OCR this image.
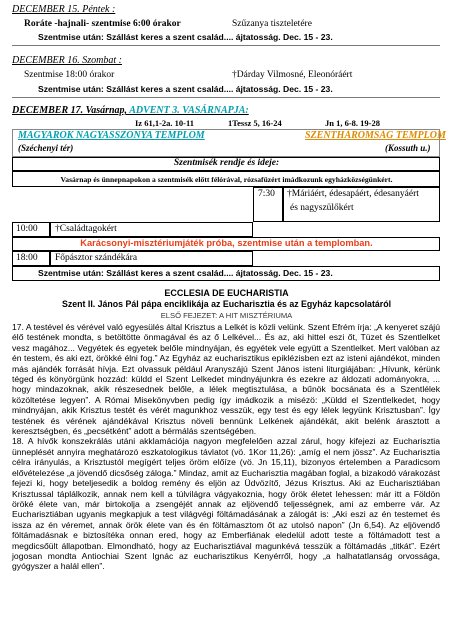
DECEMBER 15. Péntek :
Roráte -hajnali- szentmise 6:00 órakor	Szűzanya tiszteletére
Szentmise után: Szállást keres a szent család.... ájtatosság. Dec. 15 - 23.
DECEMBER 16. Szombat :
Szentmise 18:00 órakor	†Dárday Vilmosné, Eleonóráért
Szentmise után: Szállást keres a szent család.... ájtatosság. Dec. 15 - 23.
DECEMBER 17. Vasárnap, ADVENT 3. VASÁRNAPJA:
Iz 61,1-2a. 10-11	1Tessz 5, 16-24	Jn 1, 6-8. 19-28
MAGYAROK NAGYASSZONYA TEMPLOM
(Széchenyi tér)
SZENTHÁROMSÁG TEMPLOM
(Kossuth u.)
Szentmisék rendje és ideje:
Vasárnap és ünnepnapokon a szentmisék előtt félórával, rózsafüzért imádkozunk egyházközségünkért.
7:30 †Máriáért, édesapáért, édesanyáért
és nagyszülőkért
10:00 †Családtagokért
Karácsonyi-misztériumjáték próba, szentmise után a templomban.
18:00 Főpásztor szándékára
Szentmise után: Szállást keres a szent család.... ájtatosság. Dec. 15 - 23.
ECCLESIA DE EUCHARISTIA
Szent II. János Pál pápa enciklikája az Eucharisztia és az Egyház kapcsolatáról
ELSŐ FEJEZET: A HIT MISZTÉRIUMA

17. A testével és vérével való egyesülés által Krisztus a Lelkét is közli velünk. Szent Efrém írja: „A kenyeret szájú élő testének mondta, s betöltötte önmagával és az ő Lelkével... És az, aki hittel eszi őt, Tüzet és Szentlelket vesz magához... Vegyétek és egyetek belőle mindnyájan, és egyétek vele együtt a Szentlelket. Mert valóban az én testem, és aki ezt, örökké élni fog.” Az Egyház az eucharisztikus epiklézisben ezt az isteni ajándékot, minden más ajándék forrását hívja. Ezt olvassuk például Aranyszájú Szent János isteni liturgiájában: „Hívunk, kérünk téged és könyörgünk hozzád: küldd el Szent Lelkedet mindnyájunkra és ezekre az áldozati adományokra, ... hogy mindazoknak, akik részesednek belőle, a lélek megtisztulása, a bűnök bocsánata és a Szentlélek közöltetése legyen”. A Római Misekönyvben pedig így imádkozik a misézö: „Küldd el Szentlelkedet, hogy mindnyájan, akik Krisztus testét és vérét magunkhoz vesszük, egy test és egy lélek legyünk Krisztusban”. Így testének és vérének ajándékával Krisztus növeli bennünk Lelkének ajándékát, akit belénk árasztott a keresztségben, és „pecsétként” adott a bérmálás szentségében.

18. A hívők konszekrálás utáni akklamációja nagyon megfelelően azzal zárul, hogy kifejezi az Eucharisztia ünneplését annyira meghatározó eszkatologikus távlatot (vö. 1Kor 11,26): „amíg el nem jössz”. Az Eucharisztia célra irányulás, a Krisztustól megígért teljes öröm előíze (vö. Jn 15,11), bizonyos értelemben a Paradicsom elővételezése „a jövendő dicsőség zálogа.” Mindaz, amit az Eucharisztia magában foglal, a bizakodó várakozást fejezi ki, hogy beteljesedik a boldog remény és eljön az Üdvözítő, Jézus Krisztus. Aki az Eucharisztiában Krisztussal táplálkozik, annak nem kell a túlvilágra vágyakoznia, hogy örök életet lehessen: már itt a Földön öröké élete van, már birtokolja a zsengéjét annak az eljövendő teljességnek, ami az emberre vár. Az Eucharisztiában ugyanis megkapjuk a test világvégi föltámadásának a zálogát is: „Aki eszi az én testemet és issza az én véremet, annak örök élete van és én föltámasztom őt az utolsó napon” (Jn 6,54). Az eljövendő föltámadásnak e biztosítéka onnan ered, hogy az Emberfiának eledelül adott teste a föltámadott test a megdicsőült állapotban. Elmondható, hogy az Eucharisztiával magunkévá tesszük a föltámadás „titkát”. Ezért jogosan mondta Antiochiai Szent Ignác az eucharisztikus Kenyérről, hogy „a halhatatlanság orvossága, gyógyszer a halál ellen”.
